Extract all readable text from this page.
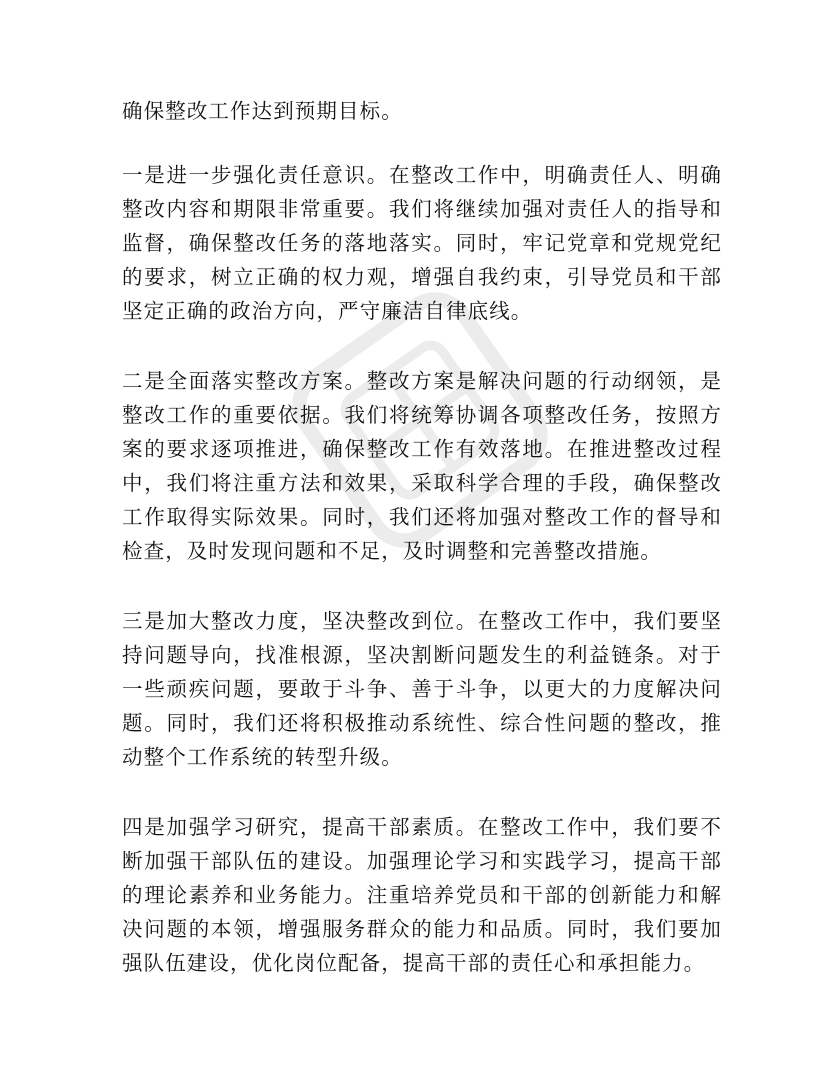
确保整改工作达到预期目标。

一是进一步强化责任意识。在整改工作中，明确责任人、明确整改内容和期限非常重要。我们将继续加强对责任人的指导和监督，确保整改任务的落地落实。同时，牢记党章和党规党纪的要求，树立正确的权力观，增强自我约束，引导党员和干部坚定正确的政治方向，严守廉洁自律底线。

二是全面落实整改方案。整改方案是解决问题的行动纲领，是整改工作的重要依据。我们将统筹协调各项整改任务，按照方案的要求逐项推进，确保整改工作有效落地。在推进整改过程中，我们将注重方法和效果，采取科学合理的手段，确保整改工作取得实际效果。同时，我们还将加强对整改工作的督导和检查，及时发现问题和不足，及时调整和完善整改措施。

三是加大整改力度，坚决整改到位。在整改工作中，我们要坚持问题导向，找准根源，坚决割断问题发生的利益链条。对于一些顽疾问题，要敢于斗争、善于斗争，以更大的力度解决问题。同时，我们还将积极推动系统性、综合性问题的整改，推动整个工作系统的转型升级。

四是加强学习研究，提高干部素质。在整改工作中，我们要不断加强干部队伍的建设。加强理论学习和实践学习，提高干部的理论素养和业务能力。注重培养党员和干部的创新能力和解决问题的本领，增强服务群众的能力和品质。同时，我们要加强队伍建设，优化岗位配备，提高干部的责任心和承担能力。
